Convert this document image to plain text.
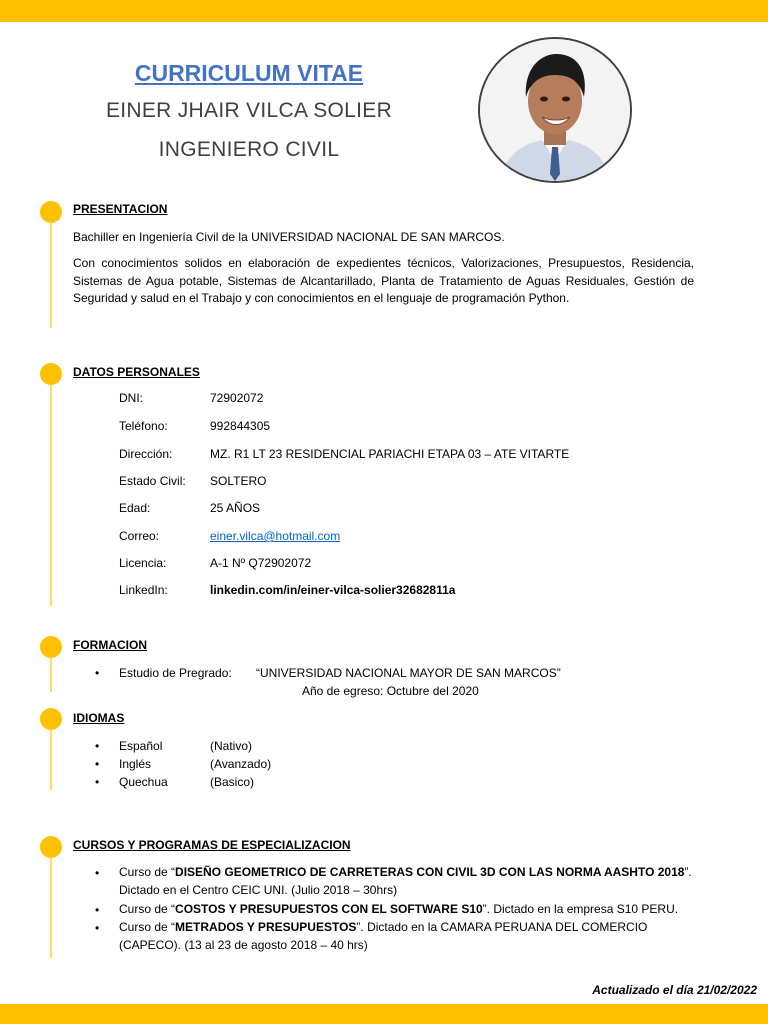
CURRICULUM VITAE
EINER JHAIR VILCA SOLIER
INGENIERO CIVIL
PRESENTACION

Bachiller en Ingeniería Civil de la UNIVERSIDAD NACIONAL DE SAN MARCOS.

Con conocimientos solidos en elaboración de expedientes técnicos, Valorizaciones, Presupuestos, Residencia, Sistemas de Agua potable, Sistemas de Alcantarillado, Planta de Tratamiento de Aguas Residuales, Gestión de Seguridad y salud en el Trabajo y con conocimientos en el lenguaje de programación Python.

DATOS PERSONALES
DNI:	72902072
Teléfono:	992844305
Dirección:	MZ. R1 LT 23 RESIDENCIAL PARIACHI ETAPA 03 – ATE VITARTE
Estado Civil: SOLTERO
Edad:	25 AÑOS
Correo:	einer.vilca@hotmail.com
Licencia:	A-1 Nº Q72902072
LinkedIn:	linkedin.com/in/einer-vilca-solier32682811a
FORMACION
• Estudio de Pregrado: “UNIVERSIDAD NACIONAL MAYOR DE SAN MARCOS”
Año de egreso: Octubre del 2020
IDIOMAS
• Español	(Nativo)
• Inglés	(Avanzado)
• Quechua	(Basico)
CURSOS Y PROGRAMAS DE ESPECIALIZACION
• Curso de “DISEÑO GEOMETRICO DE CARRETERAS CON CIVIL 3D CON LAS NORMA AASHTO 2018”. Dictado en el Centro CEIC UNI. (Julio 2018 – 30hrs)

• Curso de “COSTOS Y PRESUPUESTOS CON EL SOFTWARE S10”. Dictado en la empresa S10 PERU.

• Curso de “METRADOS Y PRESUPUESTOS”. Dictado en la CAMARA PERUANA DEL COMERCIO (CAPECO). (13 al 23 de agosto 2018 – 40 hrs)

Actualizado el día 21/02/2022
